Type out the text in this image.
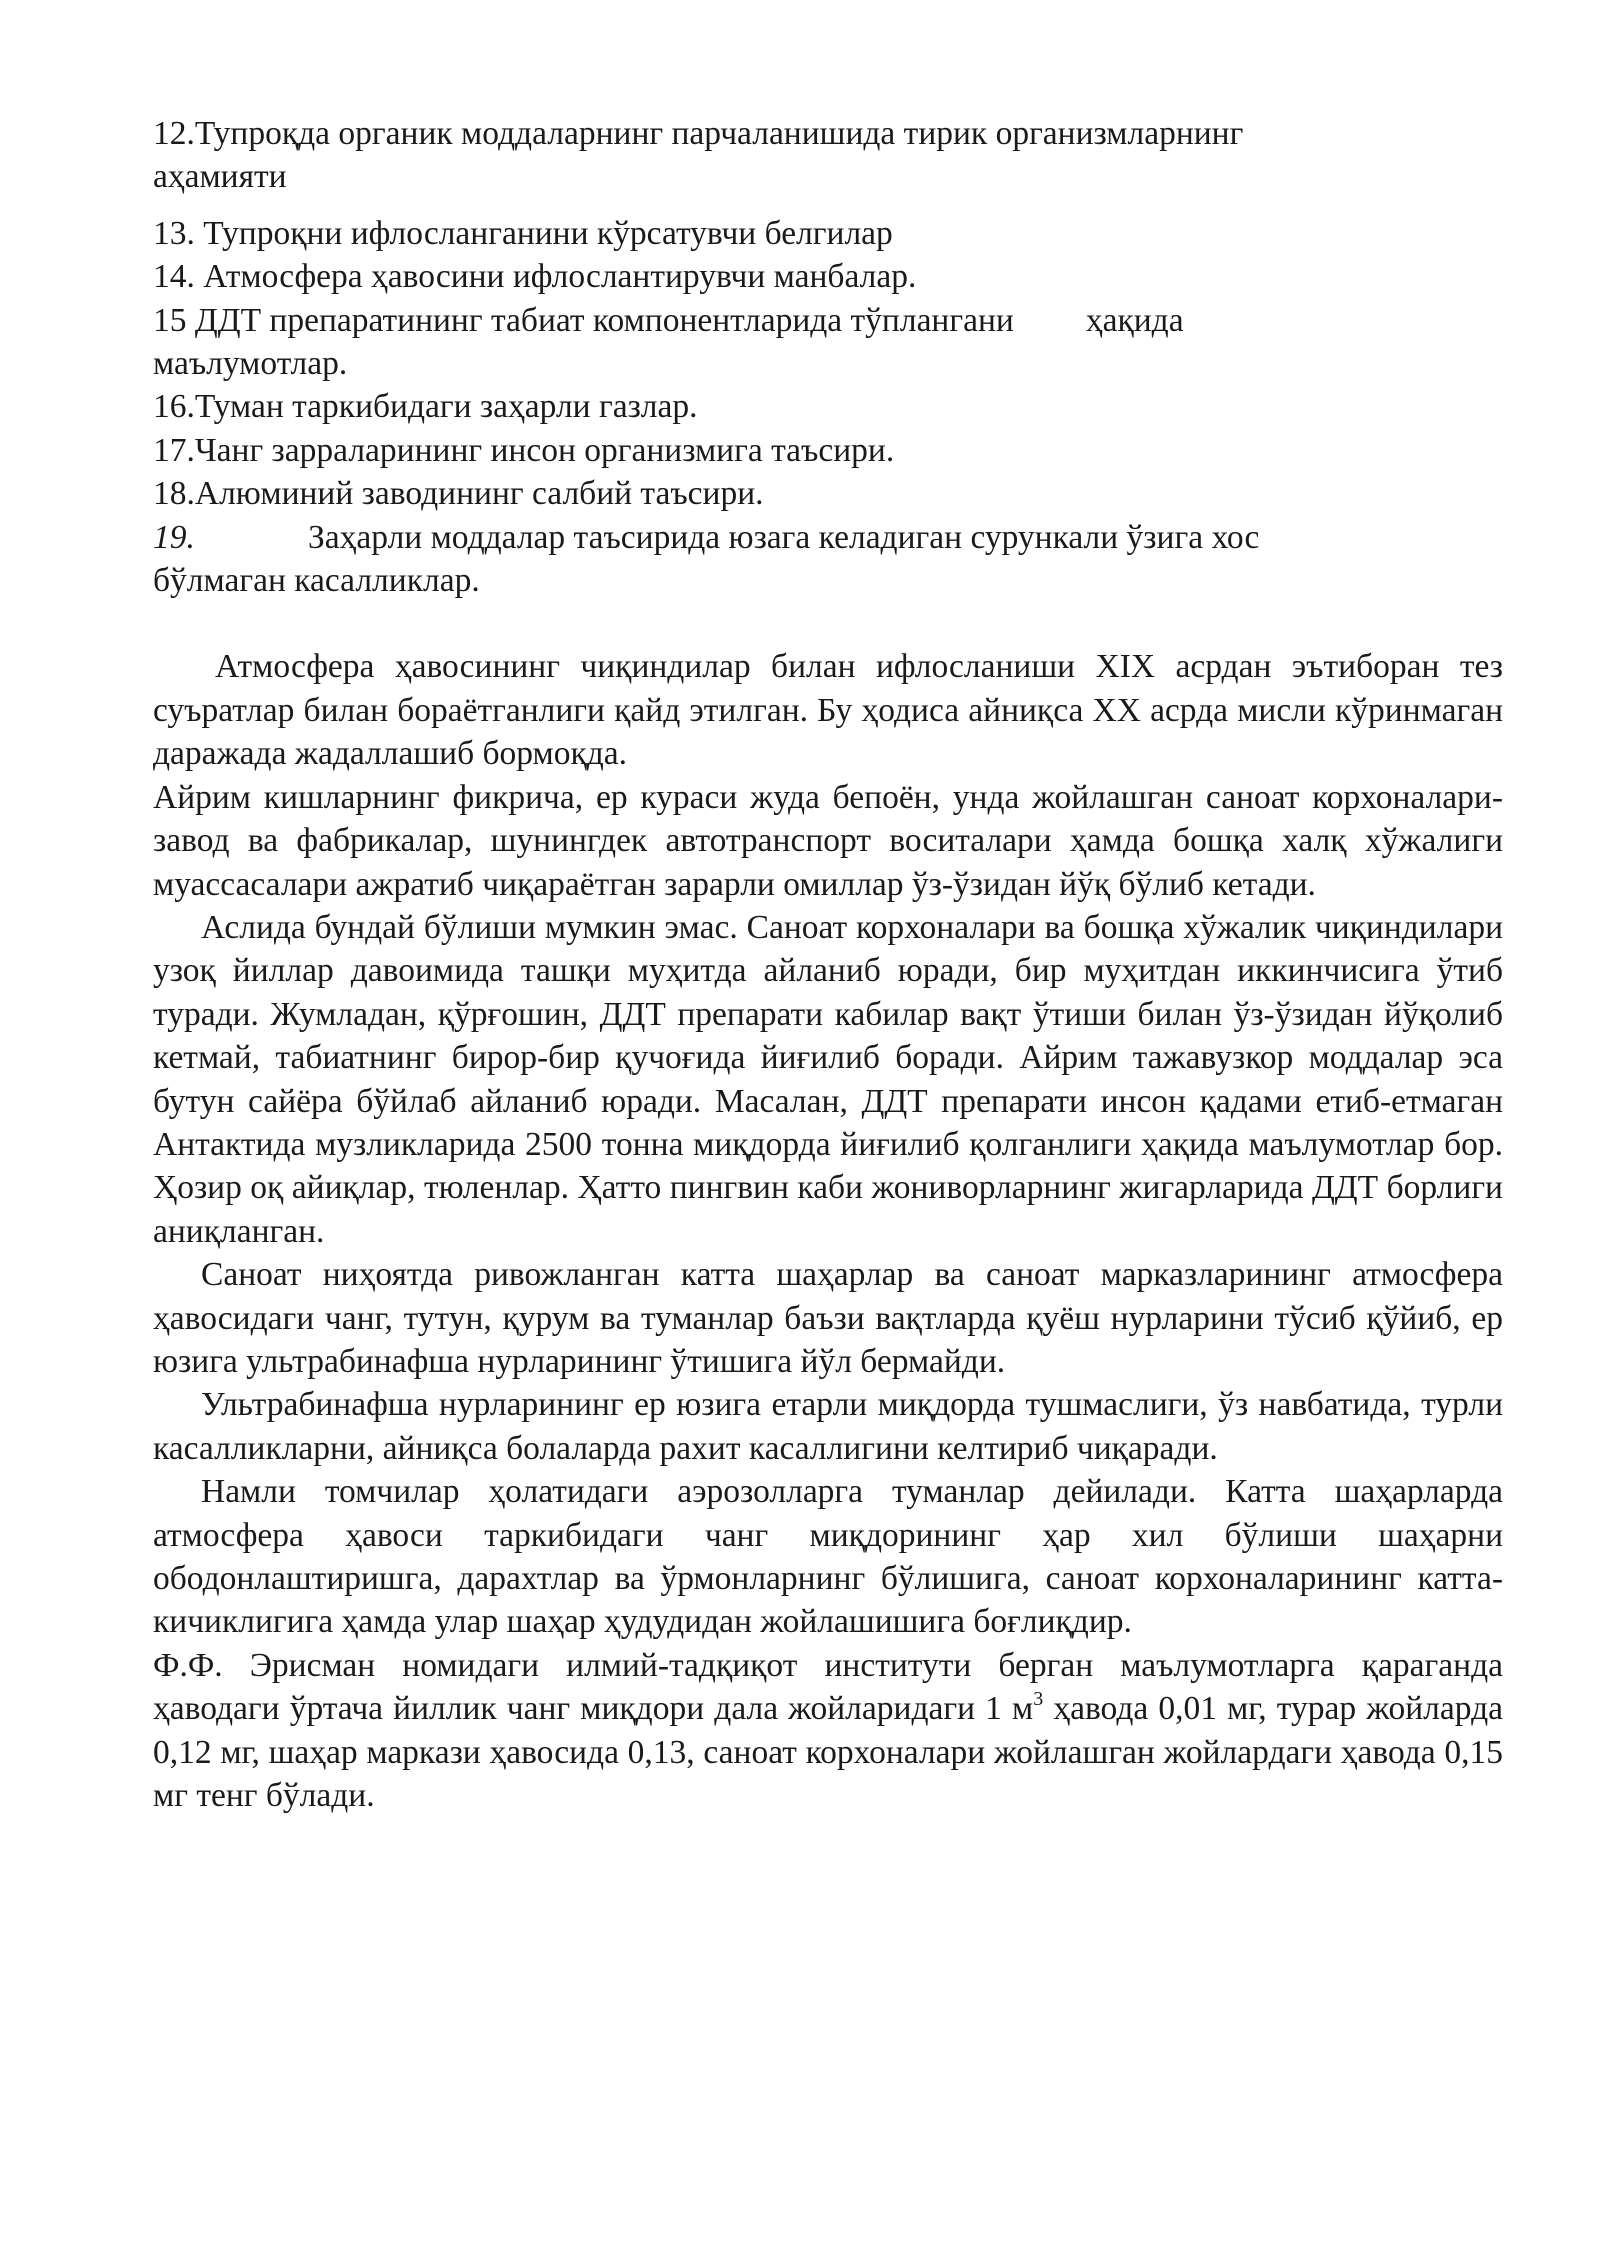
12.Тупроқда органик моддаларнинг парчаланишида тирик организмларнинг

аҳамияти

13. Тупроқни ифлосланганини кўрсатувчи белгилар

14. Атмосфера ҳавосини ифлослантирувчи манбалар.

15 ДДТ препаратининг табиат компонентларида тўплангани ҳақида

маълумотлар.

16.Туман таркибидаги заҳарли газлар.

17.Чанг зарраларининг инсон организмига таъсири.

18.Алюминий заводининг салбий таъсири.

19.	Заҳарли моддалар таъсирида юзага келадиган сурункали ўзига хос

бўлмаган касалликлар.

Атмосфера ҳавосининг чиқиндилар билан ифлосланиши XIX асрдан эътиборан тез суъратлар билан бораётганлиги қайд этилган. Бу ҳодиса айниқса XX асрда мисли кўринмаган даражада жадаллашиб бормоқда.

Айрим кишларнинг фикрича, ер кураси жуда бепоён, унда жойлашган саноат корхоналари-завод ва фабрикалар, шунингдек автотранспорт воситалари ҳамда бошқа халқ хўжалиги муассасалари ажратиб чиқараётган зарарли омиллар ўз-ўзидан йўқ бўлиб кетади.

Аслида бундай бўлиши мумкин эмас. Саноат корхоналари ва бошқа хўжалик чиқиндилари узоқ йиллар давоимида ташқи муҳитда айланиб юради, бир муҳитдан иккинчисига ўтиб туради. Жумладан, қўрғошин, ДДТ препарати кабилар вақт ўтиши билан ўз-ўзидан йўқолиб кетмай, табиатнинг бирор-бир қучоғида йиғилиб боради. Айрим тажавузкор моддалар эса бутун сайёра бўйлаб айланиб юради. Масалан, ДДТ препарати инсон қадами етиб-етмаган Антактида музликларида 2500 тонна миқдорда йиғилиб қолганлиги ҳақида маълумотлар бор. Ҳозир оқ айиқлар, тюленлар. Ҳатто пингвин каби жониворларнинг жигарларида ДДТ борлиги аниқланган.

Саноат ниҳоятда ривожланган катта шаҳарлар ва саноат марказларининг атмосфера ҳавосидаги чанг, тутун, қурум ва туманлар баъзи вақтларда қуёш нурларини тўсиб қўйиб, ер юзига ультрабинафша нурларининг ўтишига йўл бермайди.

Ультрабинафша нурларининг ер юзига етарли миқдорда тушмаслиги, ўз навбатида, турли касалликларни, айниқса болаларда рахит касаллигини келтириб чиқаради.

Намли томчилар ҳолатидаги аэрозолларга туманлар дейилади. Катта шаҳарларда атмосфера ҳавоси таркибидаги чанг миқдорининг ҳар хил бўлиши шаҳарни ободонлаштиришга, дарахтлар ва ўрмонларнинг бўлишига, саноат корхоналарининг катта-кичиклигига ҳамда улар шаҳар ҳудудидан жойлашишига боғлиқдир.

Ф.Ф. Эрисман номидаги илмий-тадқиқот институти берган маълумотларга қараганда ҳаводаги ўртача йиллик чанг миқдори дала жойларидаги 1 $м^3$ ҳавода 0,01 мг, турар жойларда 0,12 мг, шаҳар маркази ҳавосида 0,13, саноат корхоналари жойлашган жойлардаги ҳавода 0,15 мг тенг бўлади.
